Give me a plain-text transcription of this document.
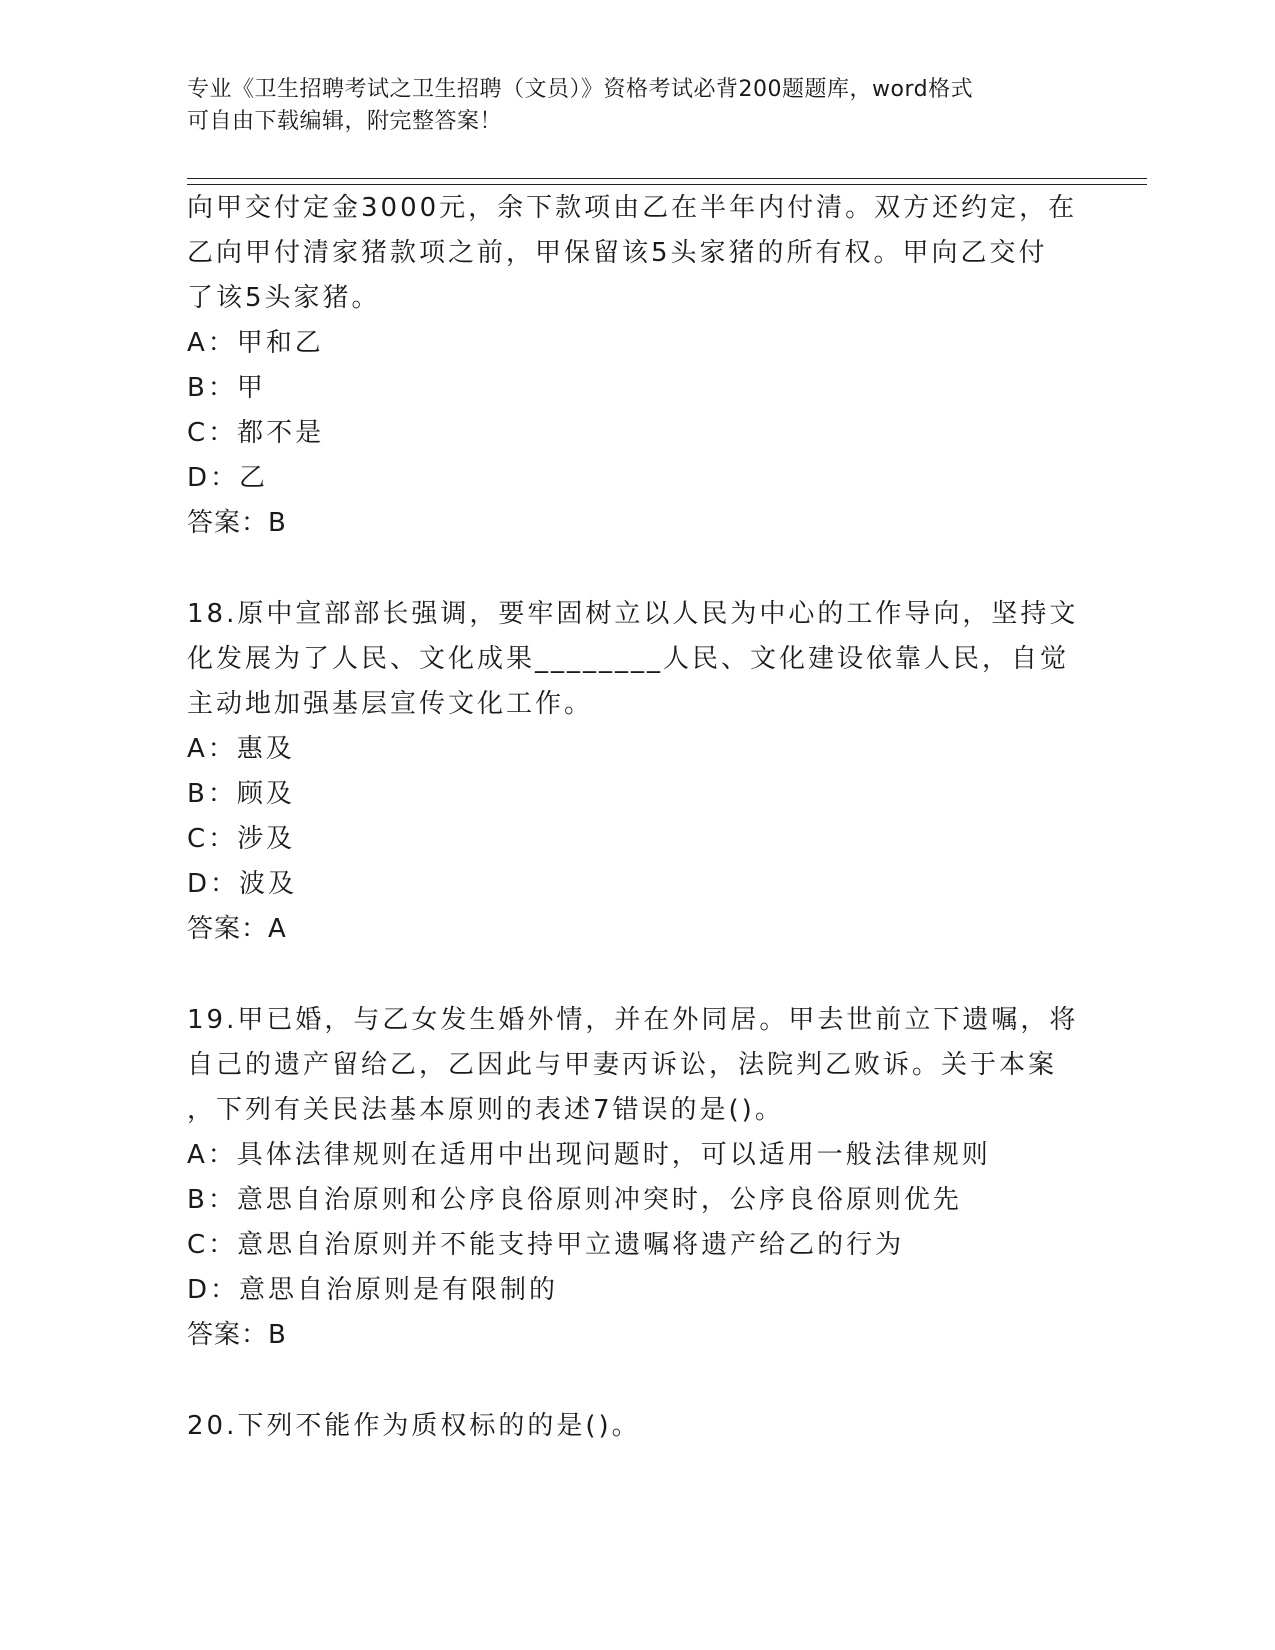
专业《卫生招聘考试之卫生招聘（文员）》资格考试必背200题题库，word格式
可自由下载编辑，附完整答案！

向甲交付定金3000元，余下款项由乙在半年内付清。双方还约定，在

乙向甲付清家猪款项之前，甲保留该5头家猪的所有权。甲向乙交付

了该5头家猪。

A：甲和乙

B：甲

C：都不是

D：乙

答案：B

18.原中宣部部长强调，要牢固树立以人民为中心的工作导向，坚持文

化发展为了人民、文化成果________人民、文化建设依靠人民，自觉

主动地加强基层宣传文化工作。

A：惠及

B：顾及

C：涉及

D：波及

答案：A

19.甲已婚，与乙女发生婚外情，并在外同居。甲去世前立下遗嘱，将

自己的遗产留给乙，乙因此与甲妻丙诉讼，法院判乙败诉。关于本案

，下列有关民法基本原则的表述7错误的是()。

A：具体法律规则在适用中出现问题时，可以适用一般法律规则

B：意思自治原则和公序良俗原则冲突时，公序良俗原则优先

C：意思自治原则并不能支持甲立遗嘱将遗产给乙的行为

D：意思自治原则是有限制的

答案：B

20.下列不能作为质权标的的是()。
